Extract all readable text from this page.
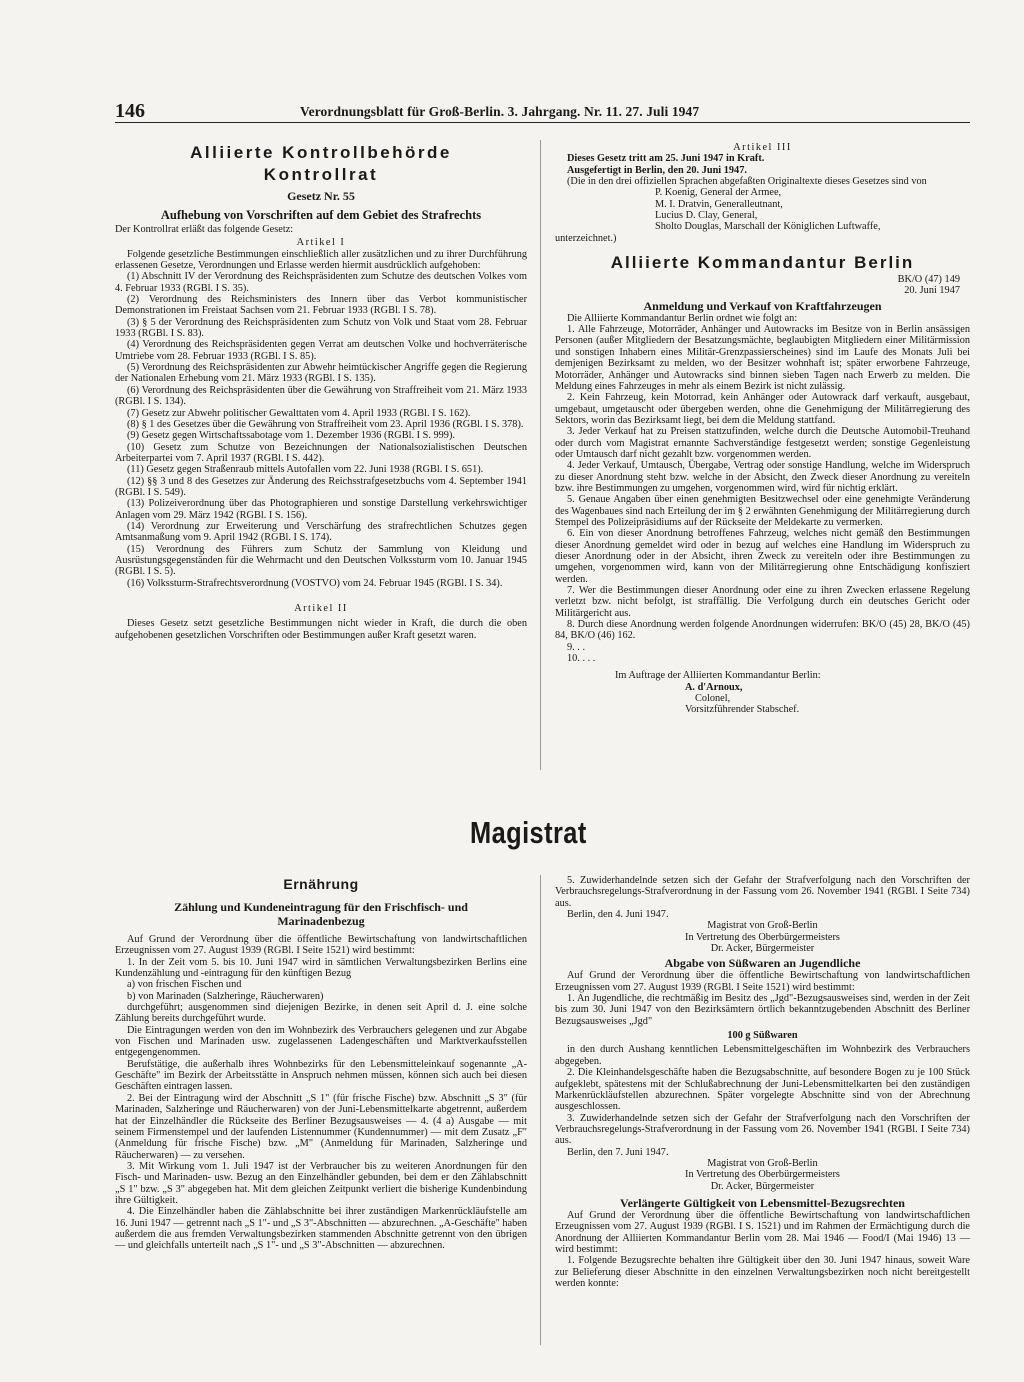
146	Verordnungsblatt für Groß-Berlin. 3. Jahrgang. Nr. 11. 27. Juli 1947

Alliierte Kontrollbehörde

Kontrollrat

Gesetz Nr. 55

Aufhebung von Vorschriften auf dem Gebiet des Strafrechts

Der Kontrollrat erläßt das folgende Gesetz:

Artikel I

Folgende gesetzliche Bestimmungen einschließlich aller zusätzlichen und zu ihrer Durchführung erlassenen Gesetze, Verordnungen und Erlasse werden hiermit ausdrücklich aufgehoben:

(1) Abschnitt IV der Verordnung des Reichspräsidenten zum Schutze des deutschen Volkes vom 4. Februar 1933 (RGBl. I S. 35).

(2) Verordnung des Reichsministers des Innern über das Verbot kommunistischer Demonstrationen im Freistaat Sachsen vom 21. Februar 1933 (RGBl. I S. 78).

(3) § 5 der Verordnung des Reichspräsidenten zum Schutz von Volk und Staat vom 28. Februar 1933 (RGBl. I S. 83).

(4) Verordnung des Reichspräsidenten gegen Verrat am deutschen Volke und hochverräterische Umtriebe vom 28. Februar 1933 (RGBl. I S. 85).

(5) Verordnung des Reichspräsidenten zur Abwehr heimtückischer Angriffe gegen die Regierung der Nationalen Erhebung vom 21. März 1933 (RGBl. I S. 135).

(6) Verordnung des Reichspräsidenten über die Gewährung von Straffreiheit vom 21. März 1933 (RGBl. I S. 134).

(7) Gesetz zur Abwehr politischer Gewalttaten vom 4. April 1933 (RGBl. I S. 162).

(8) § 1 des Gesetzes über die Gewährung von Straffreiheit vom 23. April 1936 (RGBl. I S. 378).

(9) Gesetz gegen Wirtschaftssabotage vom 1. Dezember 1936 (RGBl. I S. 999).

(10) Gesetz zum Schutze von Bezeichnungen der Nationalsozialistischen Deutschen Arbeiterpartei vom 7. April 1937 (RGBl. I S. 442).

(11) Gesetz gegen Straßenraub mittels Autofallen vom 22. Juni 1938 (RGBl. I S. 651).

(12) §§ 3 und 8 des Gesetzes zur Änderung des Reichsstrafgesetzbuchs vom 4. September 1941 (RGBl. I S. 549).

(13) Polizeiverordnung über das Photographieren und sonstige Darstellung verkehrswichtiger Anlagen vom 29. März 1942 (RGBl. I S. 156).

(14) Verordnung zur Erweiterung und Verschärfung des strafrechtlichen Schutzes gegen Amtsanmaßung vom 9. April 1942 (RGBl. I S. 174).

(15) Verordnung des Führers zum Schutz der Sammlung von Kleidung und Ausrüstungsgegenständen für die Wehrmacht und den Deutschen Volkssturm vom 10. Januar 1945 (RGBl. I S. 5).

(16) Volkssturm-Strafrechtsverordnung (VOSTVO) vom 24. Februar 1945 (RGBl. I S. 34).

Artikel II

Dieses Gesetz setzt gesetzliche Bestimmungen nicht wieder in Kraft, die durch die oben aufgehobenen gesetzlichen Vorschriften oder Bestimmungen außer Kraft gesetzt waren.

Artikel III

Dieses Gesetz tritt am 25. Juni 1947 in Kraft.

Ausgefertigt in Berlin, den 20. Juni 1947.

(Die in den drei offiziellen Sprachen abgefaßten Originaltexte dieses Gesetzes sind von

P. Koenig, General der Armee,

M. I. Dratvin, Generalleutnant,

Lucius D. Clay, General,

Sholto Douglas, Marschall der Königlichen Luftwaffe,

unterzeichnet.)

Alliierte Kommandantur Berlin

BK/O (47) 149

20. Juni 1947

Anmeldung und Verkauf von Kraftfahrzeugen

Die Alliierte Kommandantur Berlin ordnet wie folgt an:

1. Alle Fahrzeuge, Motorräder, Anhänger und Autowracks im Besitze von in Berlin ansässigen Personen (außer Mitgliedern der Besatzungsmächte, beglaubigten Mitgliedern einer Militärmission und sonstigen Inhabern eines Militär-Grenzpassierscheines) sind im Laufe des Monats Juli bei demjenigen Bezirksamt zu melden, wo der Besitzer wohnhaft ist; später erworbene Fahrzeuge, Motorräder, Anhänger und Autowracks sind binnen sieben Tagen nach Erwerb zu melden. Die Meldung eines Fahrzeuges in mehr als einem Bezirk ist nicht zulässig.

2. Kein Fahrzeug, kein Motorrad, kein Anhänger oder Autowrack darf verkauft, ausgebaut, umgebaut, umgetauscht oder übergeben werden, ohne die Genehmigung der Militärregierung des Sektors, worin das Bezirksamt liegt, bei dem die Meldung stattfand.

3. Jeder Verkauf hat zu Preisen stattzufinden, welche durch die Deutsche Automobil-Treuhand oder durch vom Magistrat ernannte Sachverständige festgesetzt werden; sonstige Gegenleistung oder Umtausch darf nicht gezahlt bzw. vorgenommen werden.

4. Jeder Verkauf, Umtausch, Übergabe, Vertrag oder sonstige Handlung, welche im Widerspruch zu dieser Anordnung steht bzw. welche in der Absicht, den Zweck dieser Anordnung zu vereiteln bzw. ihre Bestimmungen zu umgehen, vorgenommen wird, wird für nichtig erklärt.

5. Genaue Angaben über einen genehmigten Besitzwechsel oder eine genehmigte Veränderung des Wagenbaues sind nach Erteilung der im § 2 erwähnten Genehmigung der Militärregierung durch Stempel des Polizeipräsidiums auf der Rückseite der Meldekarte zu vermerken.

6. Ein von dieser Anordnung betroffenes Fahrzeug, welches nicht gemäß den Bestimmungen dieser Anordnung gemeldet wird oder in bezug auf welches eine Handlung im Widerspruch zu dieser Anordnung oder in der Absicht, ihren Zweck zu vereiteln oder ihre Bestimmungen zu umgehen, vorgenommen wird, kann von der Militärregierung ohne Entschädigung konfisziert werden.

7. Wer die Bestimmungen dieser Anordnung oder eine zu ihren Zwecken erlassene Regelung verletzt bzw. nicht befolgt, ist straffällig. Die Verfolgung durch ein deutsches Gericht oder Militärgericht aus.

8. Durch diese Anordnung werden folgende Anordnungen widerrufen: BK/O (45) 28, BK/O (45) 84, BK/O (46) 162.

9. . .

10. . . .

Im Auftrage der Alliierten Kommandantur Berlin:

A. d'Arnoux,

Colonel,

Vorsitzführender Stabschef.

Magistrat

Ernährung

Zählung und Kundeneintragung für den Frischfisch- und Marinadenbezug

Auf Grund der Verordnung über die öffentliche Bewirtschaftung von landwirtschaftlichen Erzeugnissen vom 27. August 1939 (RGBl. I Seite 1521) wird bestimmt:

1. In der Zeit vom 5. bis 10. Juni 1947 wird in sämtlichen Verwaltungsbezirken Berlins eine Kundenzählung und -eintragung für den künftigen Bezug

a) von frischen Fischen und

b) von Marinaden (Salzheringe, Räucherwaren)

durchgeführt; ausgenommen sind diejenigen Bezirke, in denen seit April d. J. eine solche Zählung bereits durchgeführt wurde.

Die Eintragungen werden von den im Wohnbezirk des Verbrauchers gelegenen und zur Abgabe von Fischen und Marinaden usw. zugelassenen Ladengeschäften und Marktverkaufsstellen entgegengenommen.

Berufstätige, die außerhalb ihres Wohnbezirks für den Lebensmitteleinkauf sogenannte „A-Geschäfte" im Bezirk der Arbeitsstätte in Anspruch nehmen müssen, können sich auch bei diesen Geschäften eintragen lassen.

2. Bei der Eintragung wird der Abschnitt „S 1" (für frische Fische) bzw. Abschnitt „S 3" (für Marinaden, Salzheringe und Räucherwaren) von der Juni-Lebensmittelkarte abgetrennt, außerdem hat der Einzelhändler die Rückseite des Berliner Bezugsausweises — 4. (4 a) Ausgabe — mit seinem Firmenstempel und der laufenden Listennummer (Kundennummer) — mit dem Zusatz „F" (Anmeldung für frische Fische) bzw. „M" (Anmeldung für Marinaden, Salzheringe und Räucherwaren) — zu versehen.

3. Mit Wirkung vom 1. Juli 1947 ist der Verbraucher bis zu weiteren Anordnungen für den Fisch- und Marinaden- usw. Bezug an den Einzelhändler gebunden, bei dem er den Zählabschnitt „S 1" bzw. „S 3" abgegeben hat. Mit dem gleichen Zeitpunkt verliert die bisherige Kundenbindung ihre Gültigkeit.

4. Die Einzelhändler haben die Zählabschnitte bei ihrer zuständigen Markenrückläufstelle am 16. Juni 1947 — getrennt nach „S 1"- und „S 3"-Abschnitten — abzurechnen. „A-Geschäfte" haben außerdem die aus fremden Verwaltungsbezirken stammenden Abschnitte getrennt von den übrigen — und gleichfalls unterteilt nach „S 1"- und „S 3"-Abschnitten — abzurechnen.

5. Zuwiderhandelnde setzen sich der Gefahr der Strafverfolgung nach den Vorschriften der Verbrauchsregelungs-Strafverordnung in der Fassung vom 26. November 1941 (RGBl. I Seite 734) aus.

Berlin, den 4. Juni 1947.

Magistrat von Groß-Berlin

In Vertretung des Oberbürgermeisters

Dr. Acker, Bürgermeister

Abgabe von Süßwaren an Jugendliche

Auf Grund der Verordnung über die öffentliche Bewirtschaftung von landwirtschaftlichen Erzeugnissen vom 27. August 1939 (RGBl. I Seite 1521) wird bestimmt:

1. An Jugendliche, die rechtmäßig im Besitz des „Jgd"-Bezugsausweises sind, werden in der Zeit bis zum 30. Juni 1947 von den Bezirksämtern örtlich bekanntzugebenden Abschnitt des Berliner Bezugsausweises „Jgd"

100 g Süßwaren

in den durch Aushang kenntlichen Lebensmittelgeschäften im Wohnbezirk des Verbrauchers abgegeben.

2. Die Kleinhandelsgeschäfte haben die Bezugsabschnitte, auf besondere Bogen zu je 100 Stück aufgeklebt, spätestens mit der Schlußabrechnung der Juni-Lebensmittelkarten bei den zuständigen Markenrückläufstellen abzurechnen. Später vorgelegte Abschnitte sind von der Abrechnung ausgeschlossen.

3. Zuwiderhandelnde setzen sich der Gefahr der Strafverfolgung nach den Vorschriften der Verbrauchsregelungs-Strafverordnung in der Fassung vom 26. November 1941 (RGBl. I Seite 734) aus.

Berlin, den 7. Juni 1947.

Magistrat von Groß-Berlin

In Vertretung des Oberbürgermeisters

Dr. Acker, Bürgermeister

Verlängerte Gültigkeit von Lebensmittel-Bezugsrechten

Auf Grund der Verordnung über die öffentliche Bewirtschaftung von landwirtschaftlichen Erzeugnissen vom 27. August 1939 (RGBl. I S. 1521) und im Rahmen der Ermächtigung durch die Anordnung der Alliierten Kommandantur Berlin vom 28. Mai 1946 — Food/I (Mai 1946) 13 — wird bestimmt:

1. Folgende Bezugsrechte behalten ihre Gültigkeit über den 30. Juni 1947 hinaus, soweit Ware zur Belieferung dieser Abschnitte in den einzelnen Verwaltungsbezirken noch nicht bereitgestellt werden konnte:
